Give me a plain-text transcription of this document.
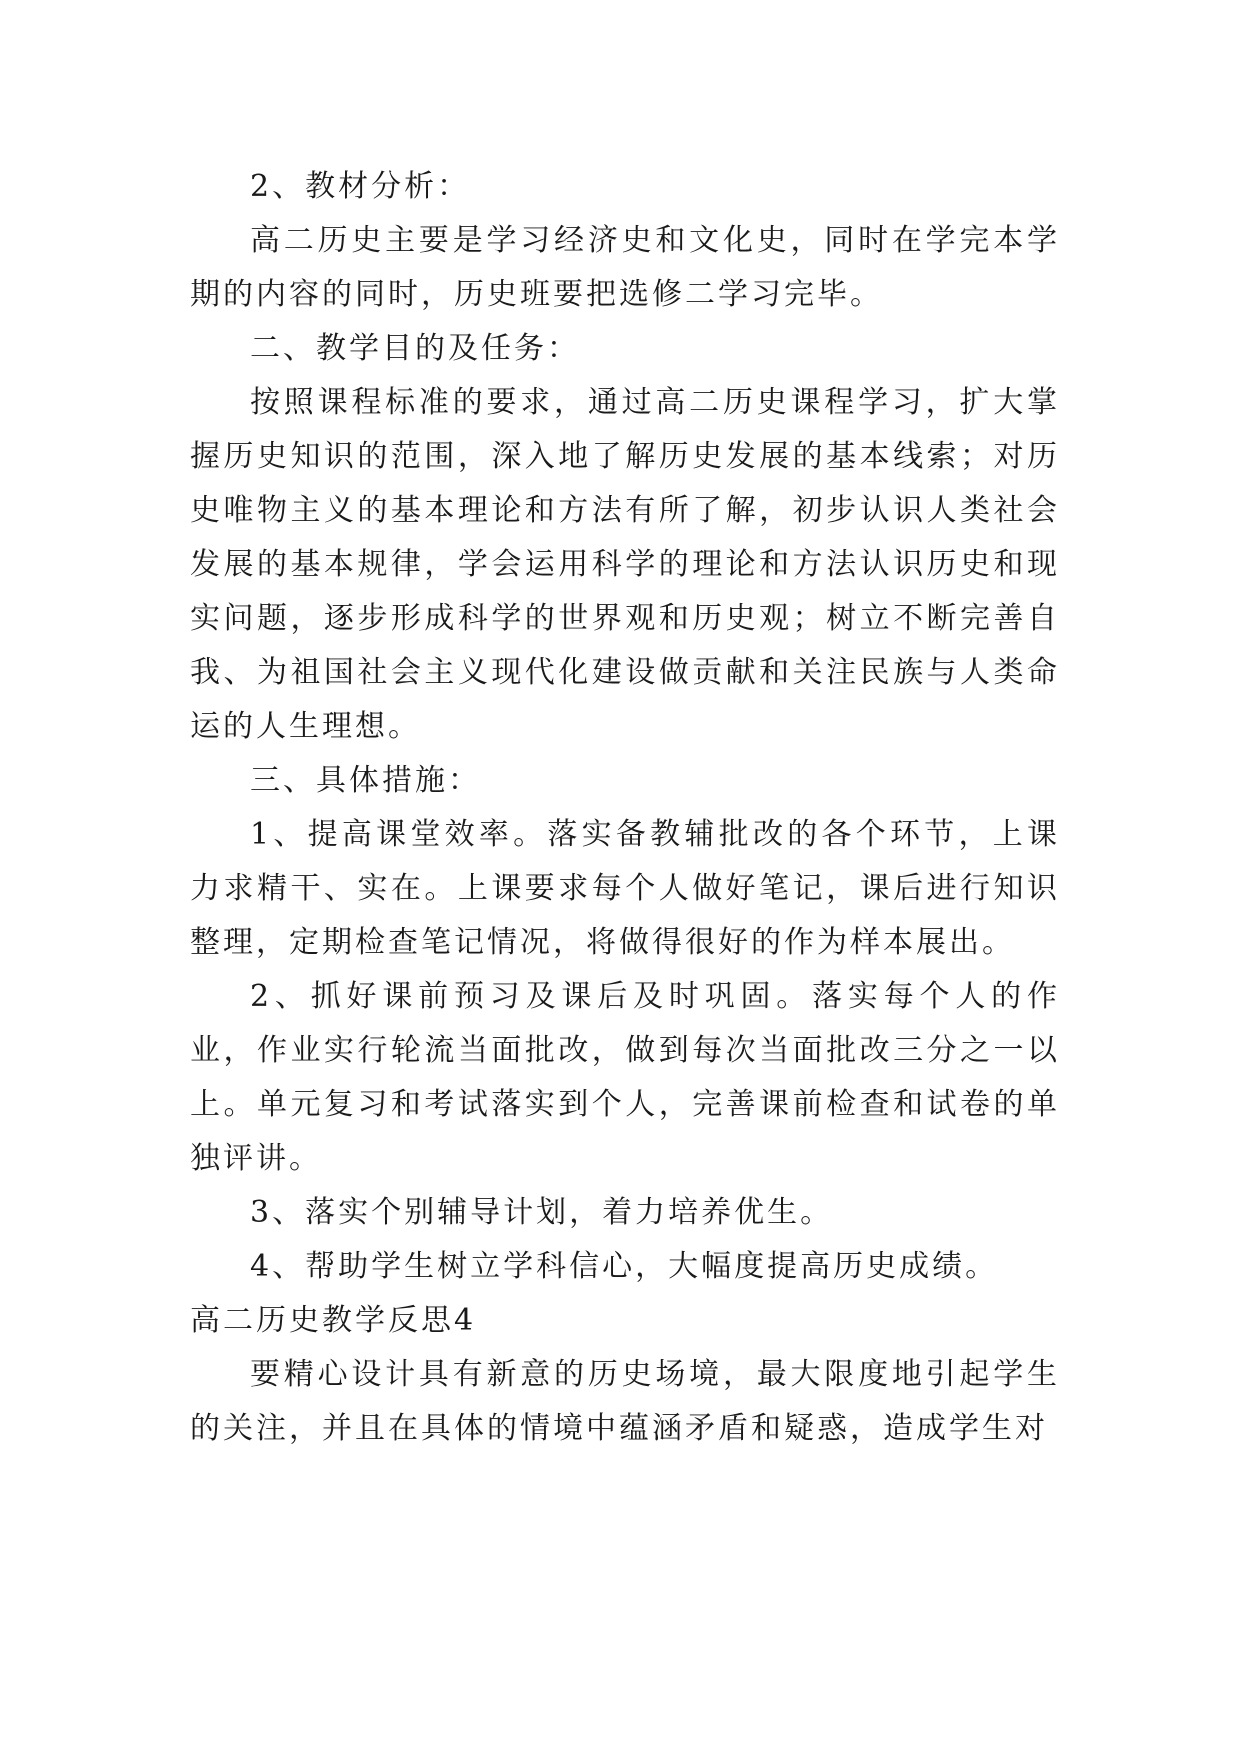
2、教材分析：

高二历史主要是学习经济史和文化史，同时在学完本学期的内容的同时，历史班要把选修二学习完毕。

二、教学目的及任务：

按照课程标准的要求，通过高二历史课程学习，扩大掌握历史知识的范围，深入地了解历史发展的基本线索；对历史唯物主义的基本理论和方法有所了解，初步认识人类社会发展的基本规律，学会运用科学的理论和方法认识历史和现实问题，逐步形成科学的世界观和历史观；树立不断完善自我、为祖国社会主义现代化建设做贡献和关注民族与人类命运的人生理想。

三、具体措施：

1、提高课堂效率。落实备教辅批改的各个环节，上课力求精干、实在。上课要求每个人做好笔记，课后进行知识整理，定期检查笔记情况，将做得很好的作为样本展出。

2、抓好课前预习及课后及时巩固。落实每个人的作业，作业实行轮流当面批改，做到每次当面批改三分之一以上。单元复习和考试落实到个人，完善课前检查和试卷的单独评讲。

3、落实个别辅导计划，着力培养优生。

4、帮助学生树立学科信心，大幅度提高历史成绩。

高二历史教学反思4

要精心设计具有新意的历史场境，最大限度地引起学生的关注，并且在具体的情境中蕴涵矛盾和疑惑，造成学生对
